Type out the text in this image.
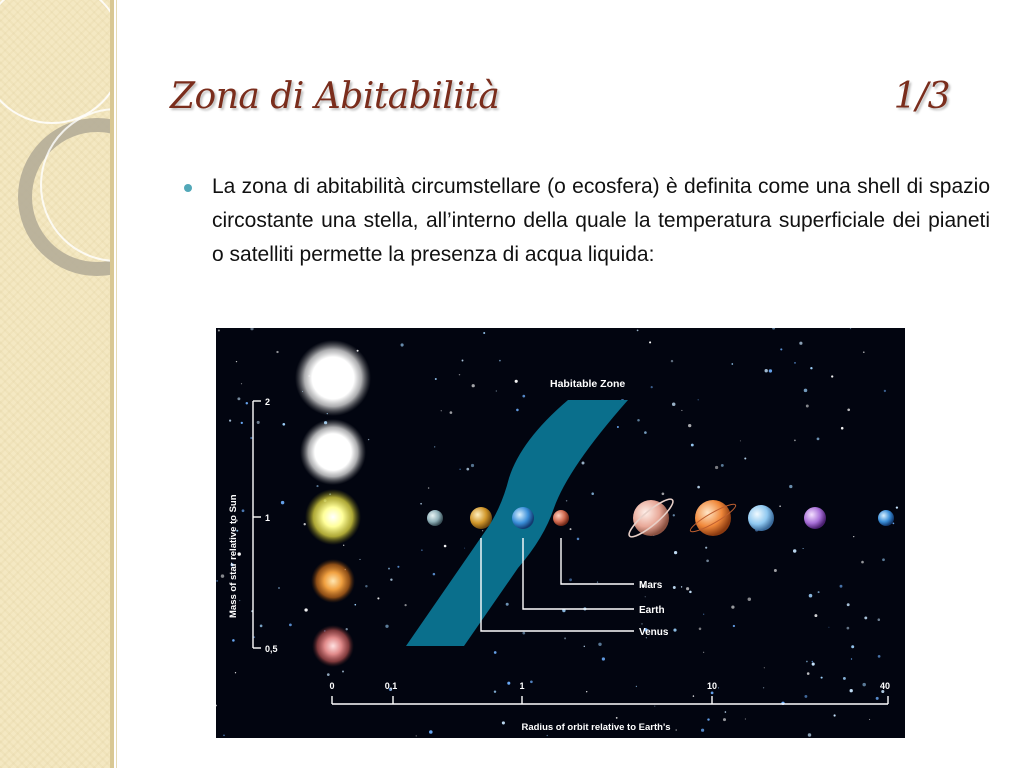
Zona di Abitabilità	1/3
La zona di abitabilità circumstellare (o ecosfera) è definita come una shell di spazio circostante una stella, all’interno della quale la temperatura superficiale dei pianeti o satelliti permette la presenza di acqua liquida:
Habitable Zone
2
1
0,5
Mass of star relative to Sun	Mars
Earth
Venus
0	0,1	1	10	40
Radius of orbit relative to Earth's
